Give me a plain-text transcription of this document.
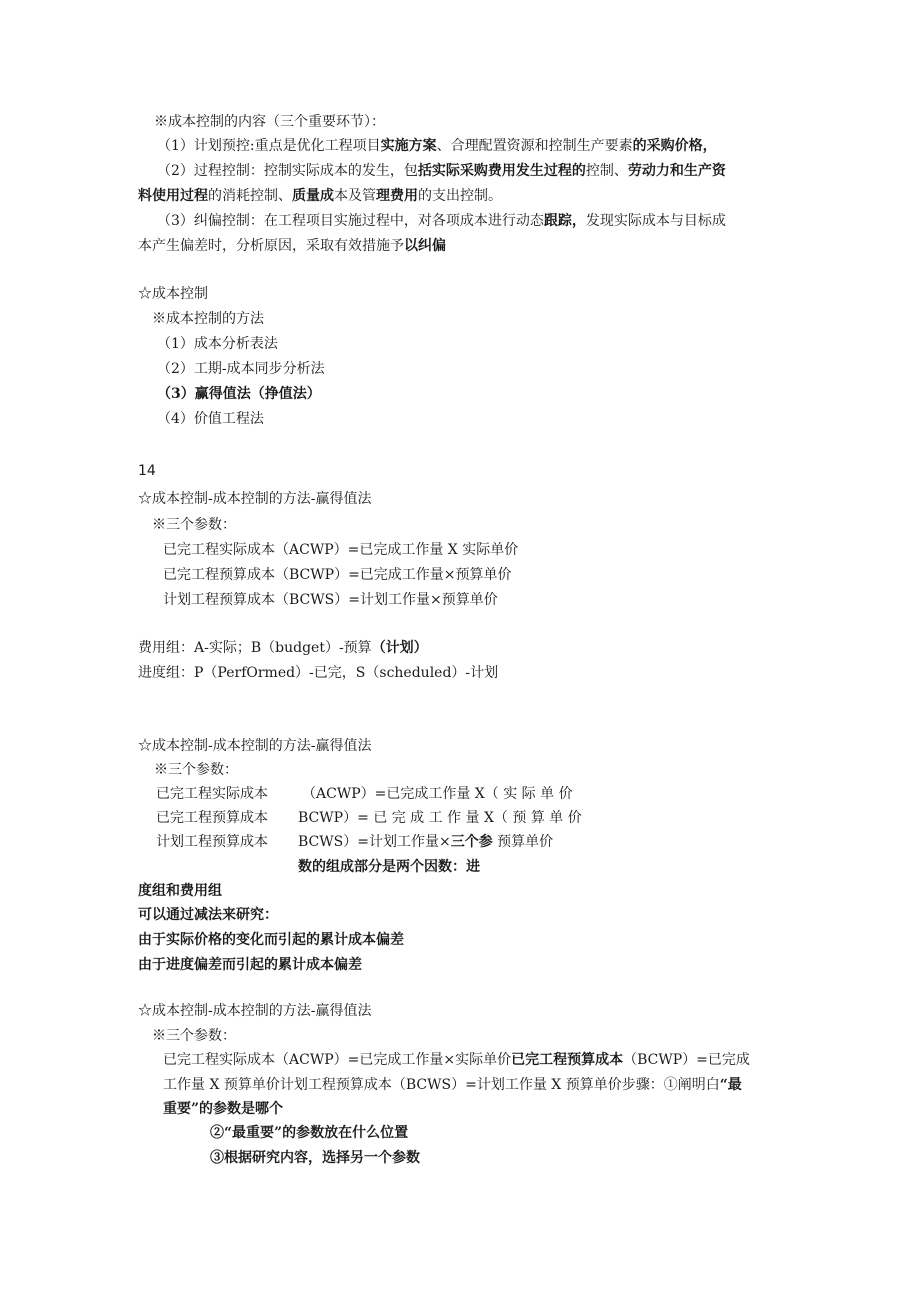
※成本控制的内容（三个重要环节）：
（1）计划预控:重点是优化工程项目实施方案、合理配置资源和控制生产要素的采购价格，
（2）过程控制：控制实际成本的发生，包括实际采购费用发生过程的控制、劳动力和生产资
料使用过程的消耗控制、质量成本及管理费用的支出控制。
（3）纠偏控制：在工程项目实施过程中，对各项成本进行动态跟踪，发现实际成本与目标成
本产生偏差时，分析原因，采取有效措施予以纠偏
☆成本控制
※成本控制的方法
（1）成本分析表法
（2）工期-成本同步分析法
（3）赢得值法（挣值法）
（4）价值工程法
14
☆成本控制-成本控制的方法-赢得值法
※三个参数：
已完工程实际成本（ACWP）=已完成工作量 X 实际单价
已完工程预算成本（BCWP）=已完成工作量×预算单价
计划工程预算成本（BCWS）=计划工作量×预算单价
费用组：A-实际；B（budget）-预算（计划）
进度组：P（PerfOrmed）-已完，S（scheduled）-计划
☆成本控制-成本控制的方法-赢得值法
※三个参数：
已完工程实际成本 （ACWP）=已完成工作量 X（ 实 际 单 价
已完工程预算成本 BCWP）= 已 完 成 工 作 量 X（ 预 算 单 价
计划工程预算成本 BCWS）=计划工作量×三个参 预算单价
数的组成部分是两个因数：进
度组和费用组
可以通过减法来研究：
由于实际价格的变化而引起的累计成本偏差
由于进度偏差而引起的累计成本偏差
☆成本控制-成本控制的方法-赢得值法
※三个参数：
已完工程实际成本（ACWP）=已完成工作量×实际单价已完工程预算成本（BCWP）=已完成
工作量 X 预算单价计划工程预算成本（BCWS）=计划工作量 X 预算单价步骤：①阐明白“最
重要”的参数是哪个
②“最重要”的参数放在什么位置
③根据研究内容，选择另一个参数
